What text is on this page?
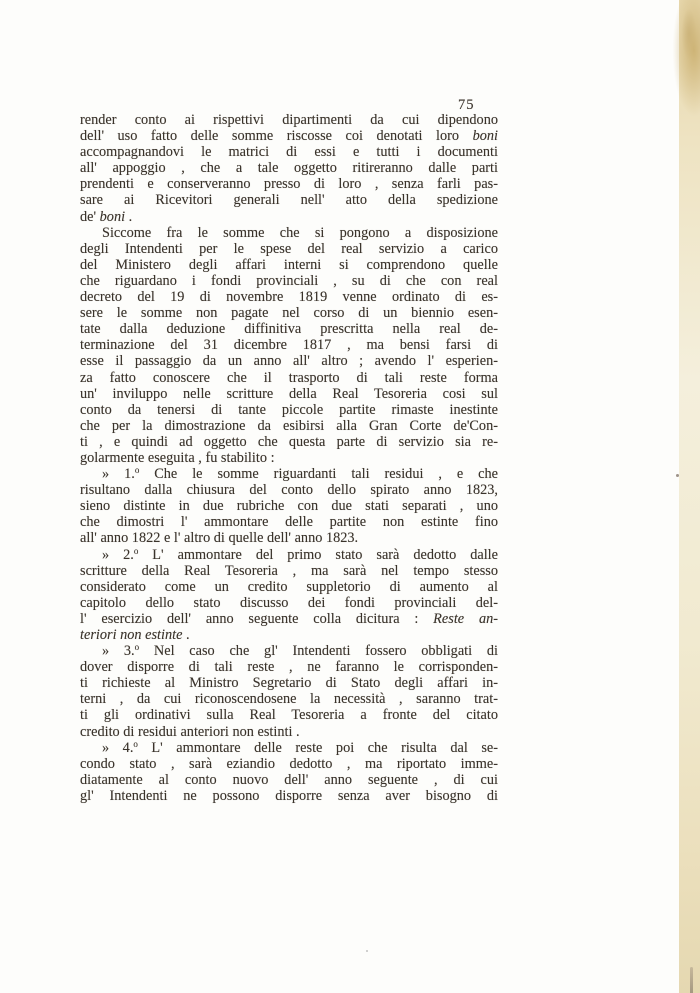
75
render conto ai rispettivi dipartimenti da cui dipendono
dell' uso fatto delle somme riscosse coi denotati loro boni
accompagnandovi le matrici di essi e tutti i documenti
all' appoggio , che a tale oggetto ritireranno dalle parti
prendenti e conserveranno presso di loro , senza farli pas-
sare ai Ricevitori generali nell' atto della spedizione
de' boni .
Siccome fra le somme che si pongono a disposizione
degli Intendenti per le spese del real servizio a carico
del Ministero degli affari interni si comprendono quelle
che riguardano i fondi provinciali , su di che con real
decreto del 19 di novembre 1819 venne ordinato di es-
sere le somme non pagate nel corso di un biennio esen-
tate dalla deduzione diffinitiva prescritta nella real de-
terminazione del 31 dicembre 1817 , ma bensi farsi di
esse il passaggio da un anno all' altro ; avendo l' esperien-
za fatto conoscere che il trasporto di tali reste forma
un' inviluppo nelle scritture della Real Tesoreria cosi sul
conto da tenersi di tante piccole partite rimaste inestinte
che per la dimostrazione da esibirsi alla Gran Corte de'Con-
ti , e quindi ad oggetto che questa parte di servizio sia re-
golarmente eseguita , fu stabilito :
» 1.$^o$ Che le somme riguardanti tali residui , e che
risultano dalla chiusura del conto dello spirato anno 1823,
sieno distinte in due rubriche con due stati separati , uno
che dimostri l' ammontare delle partite non estinte fino
all' anno 1822 e l' altro di quelle dell' anno 1823.
» 2.$^o$ L' ammontare del primo stato sarà dedotto dalle
scritture della Real Tesoreria , ma sarà nel tempo stesso
considerato come un credito suppletorio di aumento al
capitolo dello stato discusso dei fondi provinciali del-
l' esercizio dell' anno seguente colla dicitura : Reste an-
teriori non estinte .
» 3.$^o$ Nel caso che gl' Intendenti fossero obbligati di
dover disporre di tali reste , ne faranno le corrisponden-
ti richieste al Ministro Segretario di Stato degli affari in-
terni , da cui riconoscendosene la necessità , saranno trat-
ti gli ordinativi sulla Real Tesoreria a fronte del citato
credito di residui anteriori non estinti .
» 4.$^o$ L' ammontare delle reste poi che risulta dal se-
condo stato , sarà eziandio dedotto , ma riportato imme-
diatamente al conto nuovo dell' anno seguente , di cui
gl' Intendenti ne possono disporre senza aver bisogno di
